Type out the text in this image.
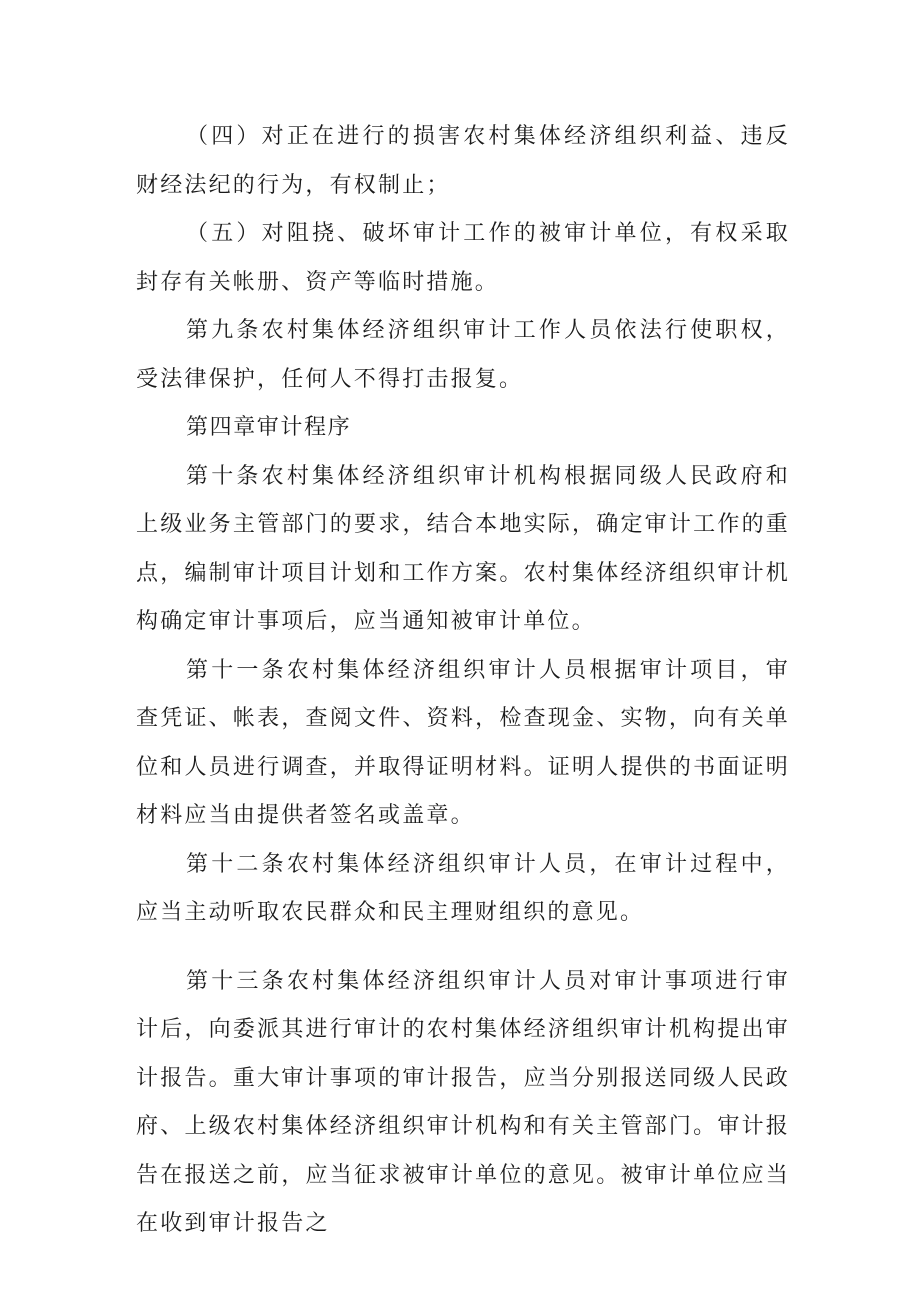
（四）对正在进行的损害农村集体经济组织利益、违反财经法纪的行为，有权制止；

（五）对阻挠、破坏审计工作的被审计单位，有权采取封存有关帐册、资产等临时措施。

第九条农村集体经济组织审计工作人员依法行使职权，受法律保护，任何人不得打击报复。

第四章审计程序

第十条农村集体经济组织审计机构根据同级人民政府和上级业务主管部门的要求，结合本地实际，确定审计工作的重点，编制审计项目计划和工作方案。农村集体经济组织审计机构确定审计事项后，应当通知被审计单位。

第十一条农村集体经济组织审计人员根据审计项目，审查凭证、帐表，查阅文件、资料，检查现金、实物，向有关单位和人员进行调查，并取得证明材料。证明人提供的书面证明材料应当由提供者签名或盖章。

第十二条农村集体经济组织审计人员，在审计过程中，应当主动听取农民群众和民主理财组织的意见。

第十三条农村集体经济组织审计人员对审计事项进行审计后，向委派其进行审计的农村集体经济组织审计机构提出审计报告。重大审计事项的审计报告，应当分别报送同级人民政府、上级农村集体经济组织审计机构和有关主管部门。审计报告在报送之前，应当征求被审计单位的意见。被审计单位应当在收到审计报告之
